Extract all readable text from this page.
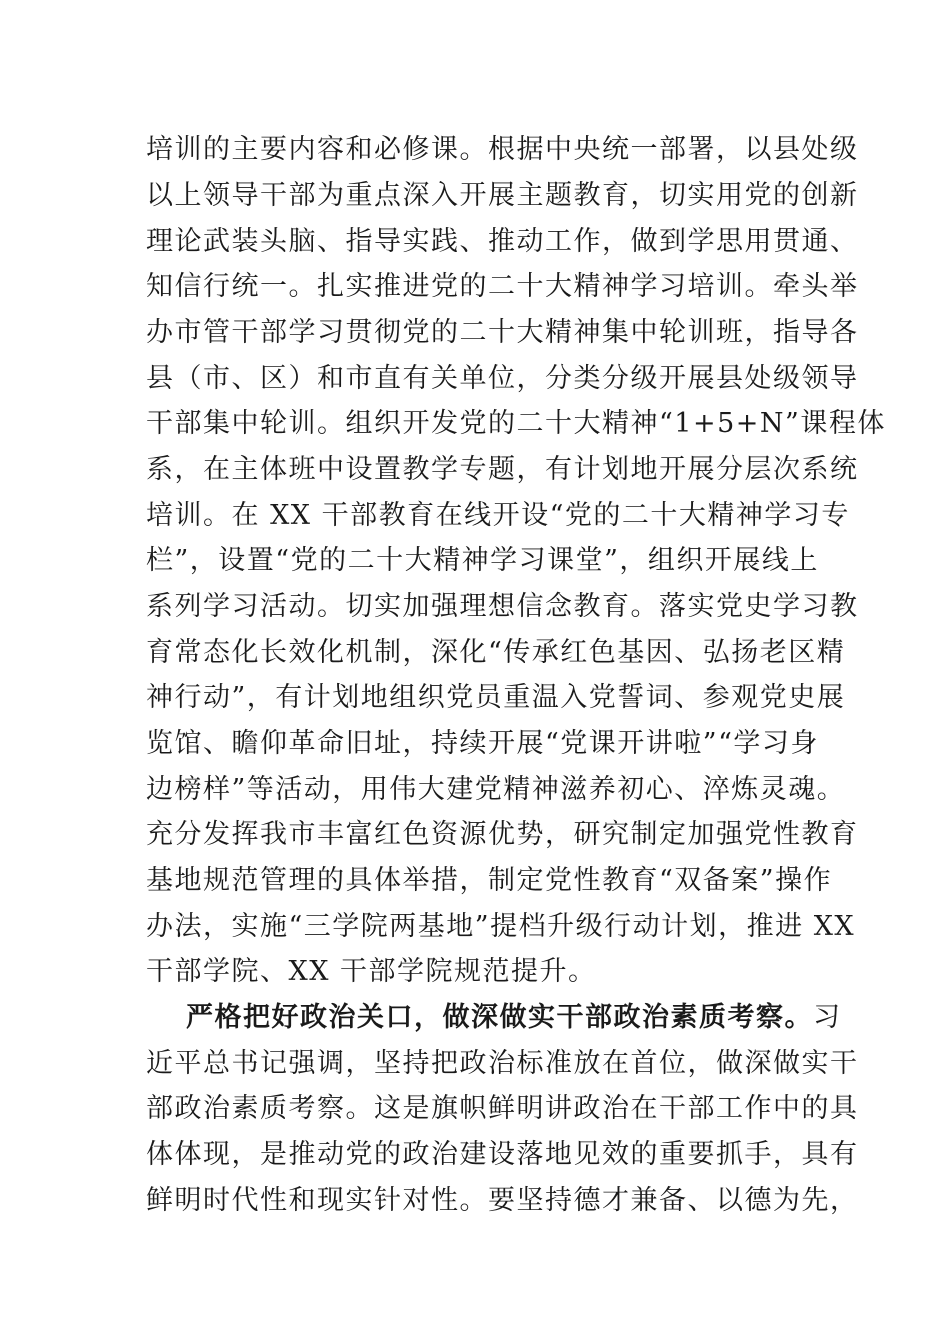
培训的主要内容和必修课。根据中央统一部署，以县处级
以上领导干部为重点深入开展主题教育，切实用党的创新
理论武装头脑、指导实践、推动工作，做到学思用贯通、
知信行统一。扎实推进党的二十大精神学习培训。牵头举
办市管干部学习贯彻党的二十大精神集中轮训班，指导各
县（市、区）和市直有关单位，分类分级开展县处级领导
干部集中轮训。组织开发党的二十大精神“1+5+N”课程体
系，在主体班中设置教学专题，有计划地开展分层次系统
培训。在 XX 干部教育在线开设“党的二十大精神学习专
栏”，设置“党的二十大精神学习课堂”，组织开展线上
系列学习活动。切实加强理想信念教育。落实党史学习教
育常态化长效化机制，深化“传承红色基因、弘扬老区精
神行动”，有计划地组织党员重温入党誓词、参观党史展
览馆、瞻仰革命旧址，持续开展“党课开讲啦”“学习身
边榜样”等活动，用伟大建党精神滋养初心、淬炼灵魂。
充分发挥我市丰富红色资源优势，研究制定加强党性教育
基地规范管理的具体举措，制定党性教育“双备案”操作
办法，实施“三学院两基地”提档升级行动计划，推进 XX
干部学院、XX 干部学院规范提升。
严格把好政治关口，做深做实干部政治素质考察。习
近平总书记强调，坚持把政治标准放在首位，做深做实干
部政治素质考察。这是旗帜鲜明讲政治在干部工作中的具
体体现，是推动党的政治建设落地见效的重要抓手，具有
鲜明时代性和现实针对性。要坚持德才兼备、以德为先，
